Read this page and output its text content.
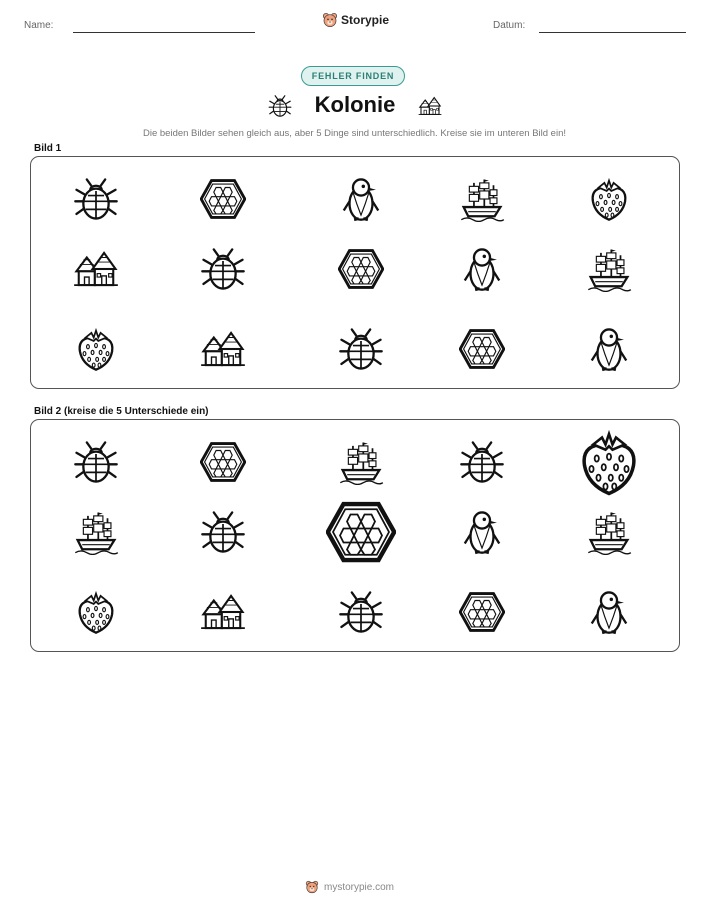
Name:	Storypie	Datum:
FEHLER FINDEN
Kolonie
Die beiden Bilder sehen gleich aus, aber 5 Dinge sind unterschiedlich. Kreise sie im unteren Bild ein!
Bild 1
Bild 2 (kreise die 5 Unterschiede ein)
mystorypie.com
